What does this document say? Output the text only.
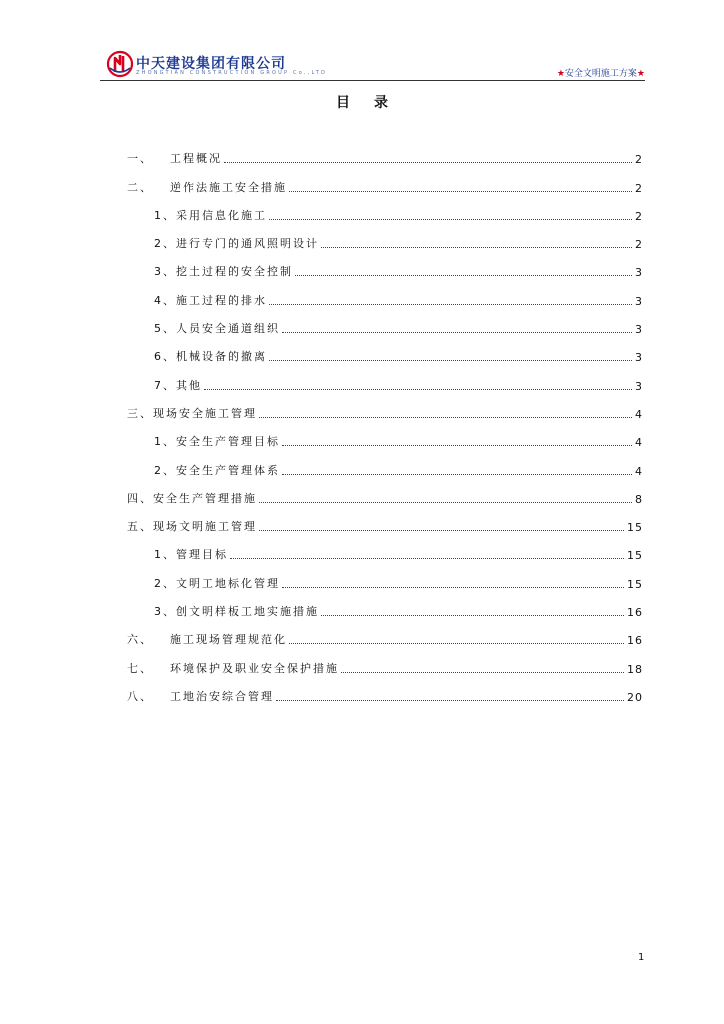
中天建设集团有限公司
ZHONGTIAN CONSTRUCTION GROUP Co.,LTD	★安全文明施工方案★
目录
一、	工程概况	2
二、	逆作法施工安全措施	2
1、 采用信息化施工	2
2、 进行专门的通风照明设计	2
3、 挖土过程的安全控制	3
4、 施工过程的排水	3
5、 人员安全通道组织	3
6、 机械设备的撤离	3
7、 其他	3
三、 现场安全施工管理	4
1、 安全生产管理目标	4
2、 安全生产管理体系	4
四、 安全生产管理措施	8
五、 现场文明施工管理	15
1、 管理目标	15
2、 文明工地标化管理	15
3、 创文明样板工地实施措施	16
六、	施工现场管理规范化	16
七、	环境保护及职业安全保护措施	18
八、	工地治安综合管理	20
1
